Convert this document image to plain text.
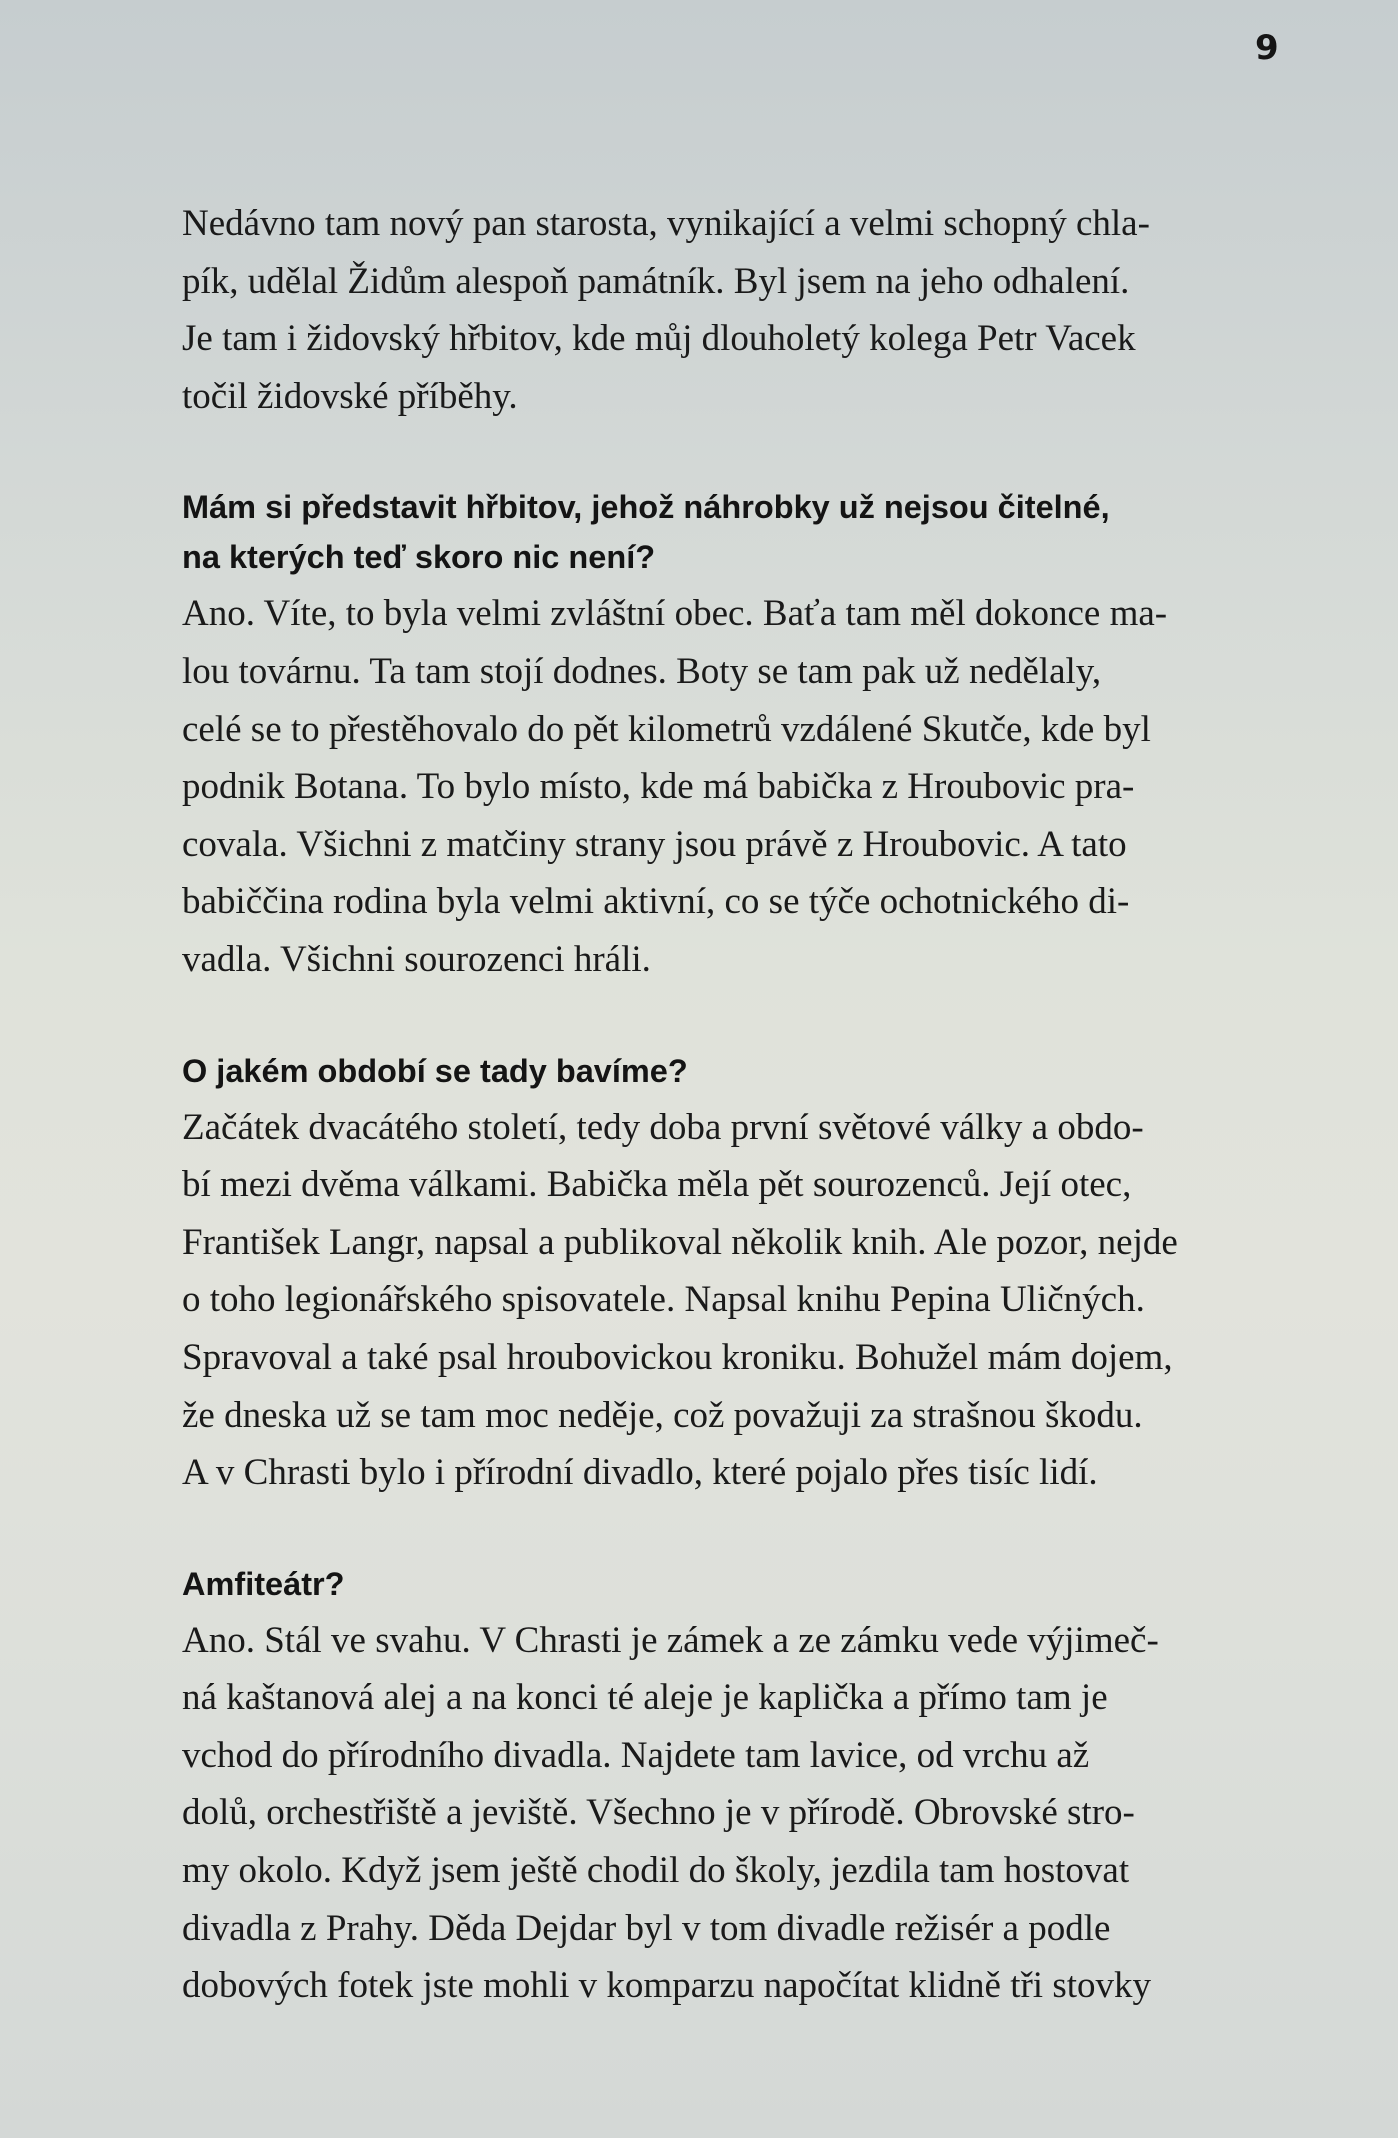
9

Nedávno tam nový pan starosta, vynikající a velmi schopný chla-
pík, udělal Židům alespoň památník. Byl jsem na jeho odhalení.
Je tam i židovský hřbitov, kde můj dlouholetý kolega Petr Vacek
točil židovské příběhy.

Mám si představit hřbitov, jehož náhrobky už nejsou čitelné,
na kterých teď skoro nic není?

Ano. Víte, to byla velmi zvláštní obec. Baťa tam měl dokonce ma-
lou továrnu. Ta tam stojí dodnes. Boty se tam pak už nedělaly,
celé se to přestěhovalo do pět kilometrů vzdálené Skutče, kde byl
podnik Botana. To bylo místo, kde má babička z Hroubovic pra-
covala. Všichni z matčiny strany jsou právě z Hroubovic. A tato
babiččina rodina byla velmi aktivní, co se týče ochotnického di-
vadla. Všichni sourozenci hráli.

O jakém období se tady bavíme?

Začátek dvacátého století, tedy doba první světové války a obdo-
bí mezi dvěma válkami. Babička měla pět sourozenců. Její otec,
František Langr, napsal a publikoval několik knih. Ale pozor, nejde
o toho legionářského spisovatele. Napsal knihu Pepina Uličných.
Spravoval a také psal hroubovickou kroniku. Bohužel mám dojem,
že dneska už se tam moc neděje, což považuji za strašnou škodu.
A v Chrasti bylo i přírodní divadlo, které pojalo přes tisíc lidí.

Amfiteátr?

Ano. Stál ve svahu. V Chrasti je zámek a ze zámku vede výjimeč-
ná kaštanová alej a na konci té aleje je kaplička a přímo tam je
vchod do přírodního divadla. Najdete tam lavice, od vrchu až
dolů, orchestřiště a jeviště. Všechno je v přírodě. Obrovské stro-
my okolo. Když jsem ještě chodil do školy, jezdila tam hostovat
divadla z Prahy. Děda Dejdar byl v tom divadle režisér a podle
dobových fotek jste mohli v komparzu napočítat klidně tři stovky
